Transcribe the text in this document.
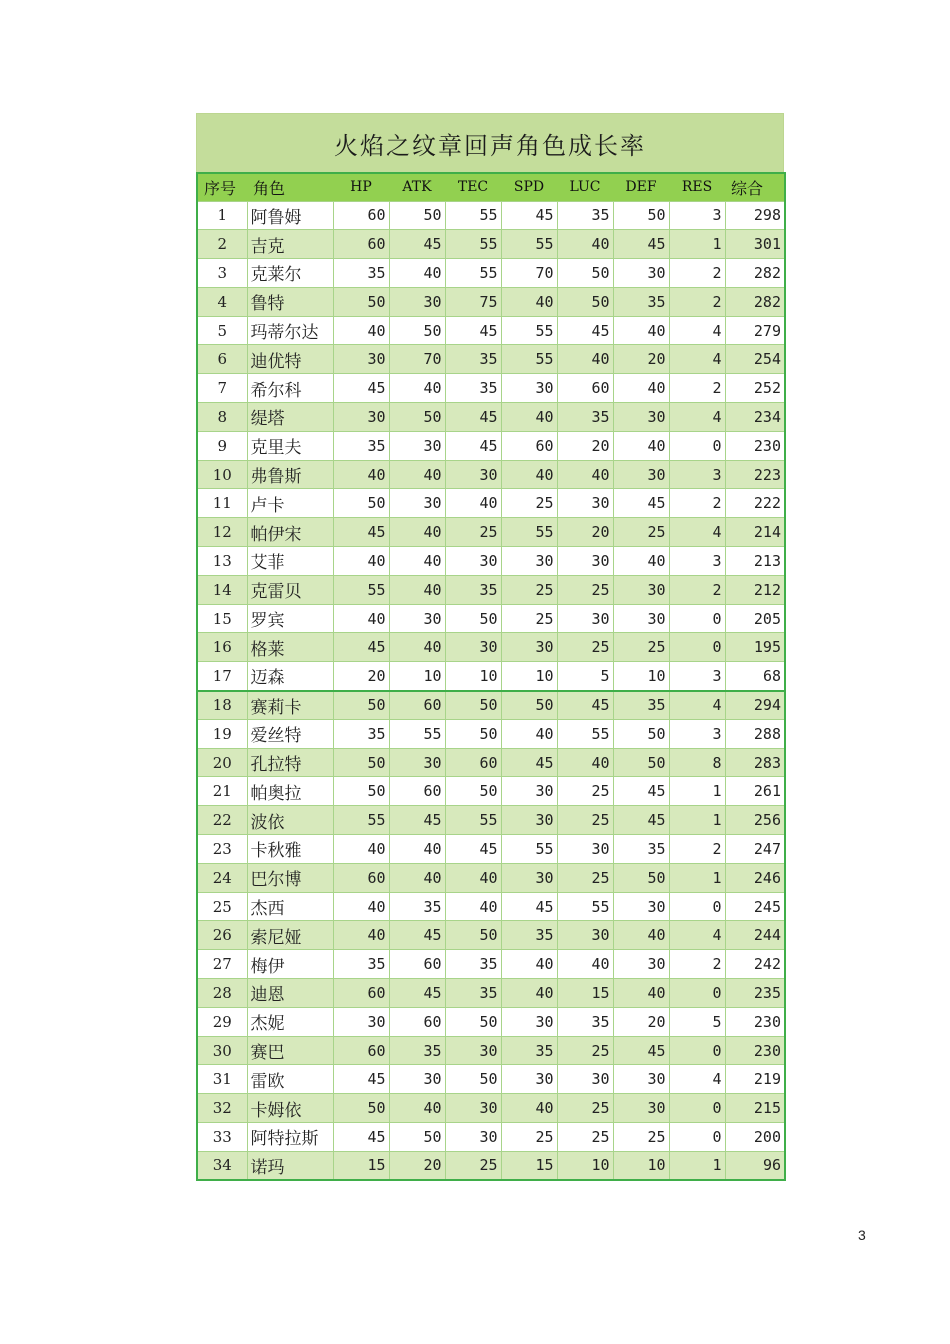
火焰之纹章回声角色成长率
序号	角色	HP	ATK	TEC	SPD	LUC	DEF	RES	综合
1	阿鲁姆	60	50	55	45	35	50	3	298
2	吉克	60	45	55	55	40	45	1	301
3	克莱尔	35	40	55	70	50	30	2	282
4	鲁特	50	30	75	40	50	35	2	282
5	玛蒂尔达	40	50	45	55	45	40	4	279
6	迪优特	30	70	35	55	40	20	4	254
7	希尔科	45	40	35	30	60	40	2	252
8	缇塔	30	50	45	40	35	30	4	234
9	克里夫	35	30	45	60	20	40	0	230
10	弗鲁斯	40	40	30	40	40	30	3	223
11	卢卡	50	30	40	25	30	45	2	222
12	帕伊宋	45	40	25	55	20	25	4	214
13	艾菲	40	40	30	30	30	40	3	213
14	克雷贝	55	40	35	25	25	30	2	212
15	罗宾	40	30	50	25	30	30	0	205
16	格莱	45	40	30	30	25	25	0	195
17	迈森	20	10	10	10	5	10	3	68
18	赛莉卡	50	60	50	50	45	35	4	294
19	爱丝特	35	55	50	40	55	50	3	288
20	孔拉特	50	30	60	45	40	50	8	283
21	帕奥拉	50	60	50	30	25	45	1	261
22	波依	55	45	55	30	25	45	1	256
23	卡秋雅	40	40	45	55	30	35	2	247
24	巴尔博	60	40	40	30	25	50	1	246
25	杰西	40	35	40	45	55	30	0	245
26	索尼娅	40	45	50	35	30	40	4	244
27	梅伊	35	60	35	40	40	30	2	242
28	迪恩	60	45	35	40	15	40	0	235
29	杰妮	30	60	50	30	35	20	5	230
30	赛巴	60	35	30	35	25	45	0	230
31	雷欧	45	30	50	30	30	30	4	219
32	卡姆依	50	40	30	40	25	30	0	215
33	阿特拉斯	45	50	30	25	25	25	0	200
34	诺玛	15	20	25	15	10	10	1	96
3
